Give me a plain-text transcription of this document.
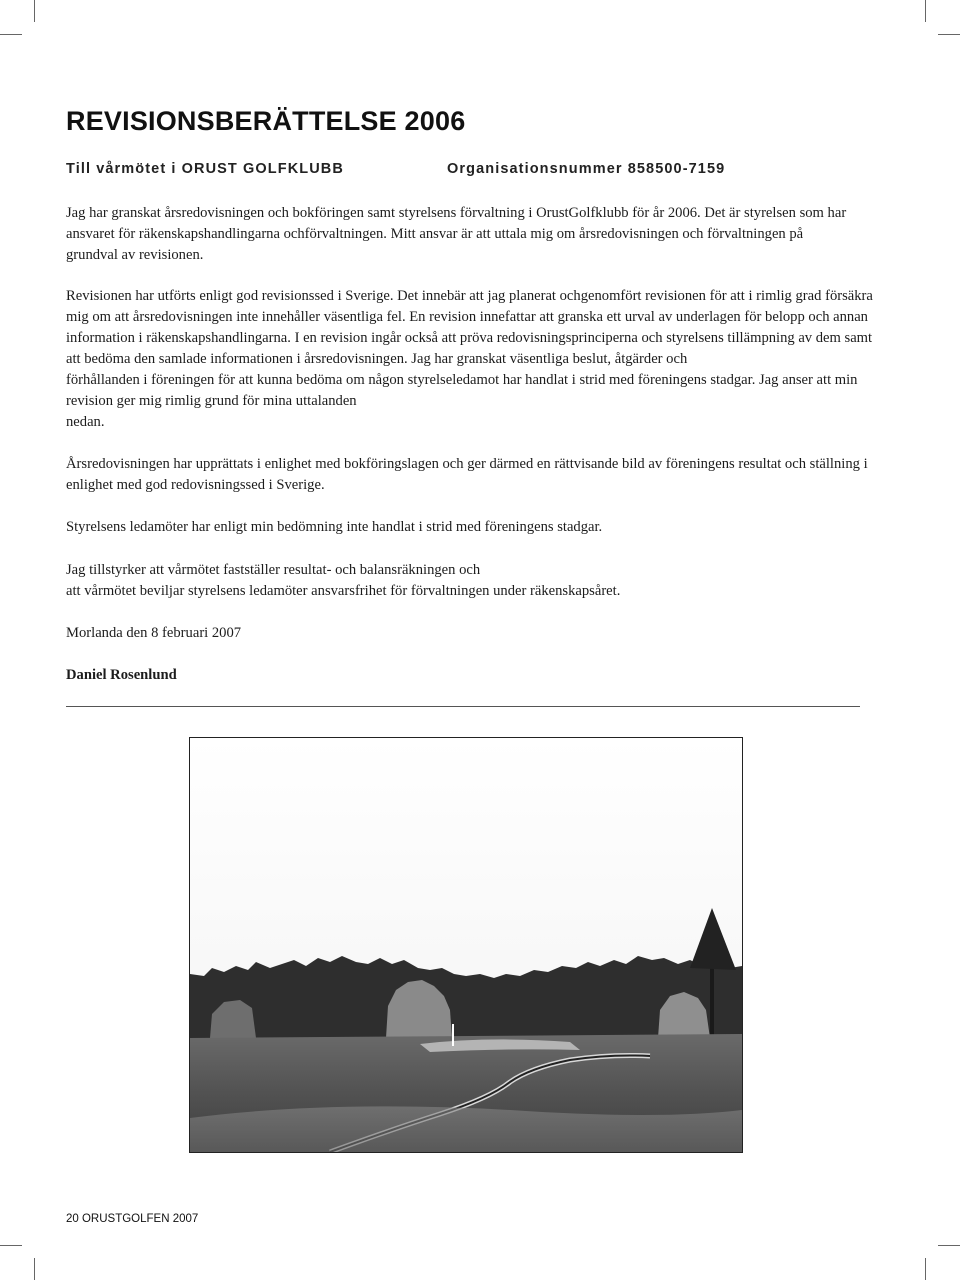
REVISIONSBERÄTTELSE 2006
Till vårmötet i ORUST GOLFKLUBB	Organisationsnummer 858500-7159

Jag har granskat årsredovisningen och bokföringen samt styrelsens förvaltning i OrustGolfklubb för år 2006. Det är styrelsen som har

ansvaret för räkenskapshandlingarna ochförvaltningen. Mitt ansvar är att uttala mig om årsredovisningen och förvaltningen på

grundval av revisionen.

Revisionen har utförts enligt god revisionssed i Sverige. Det innebär att jag planerat ochgenomfört revisionen för att i rimlig grad försäkra

mig om att årsredovisningen inte innehåller väsentliga fel. En revision innefattar att granska ett urval av underlagen för belopp och annan

information i räkenskapshandlingarna. I en revision ingår också att pröva redovisningsprinciperna och styrelsens tillämpning av dem samt

att bedöma den samlade informationen i årsredovisningen. Jag har granskat väsentliga beslut, åtgärder och

förhållanden i föreningen för att kunna bedöma om någon styrelseledamot har handlat i strid med föreningens stadgar. Jag anser att min

revision ger mig rimlig grund för mina uttalanden

nedan.

Årsredovisningen har upprättats i enlighet med bokföringslagen och ger därmed en rättvisande bild av föreningens resultat och ställning i

enlighet med god redovisningssed i Sverige.

Styrelsens ledamöter har enligt min bedömning inte handlat i strid med föreningens stadgar.

Jag tillstyrker att vårmötet fastställer resultat- och balansräkningen och

att vårmötet beviljar styrelsens ledamöter ansvarsfrihet för förvaltningen under räkenskapsåret.

Morlanda den 8 februari 2007
Daniel Rosenlund
20 ORUSTGOLFEN 2007
